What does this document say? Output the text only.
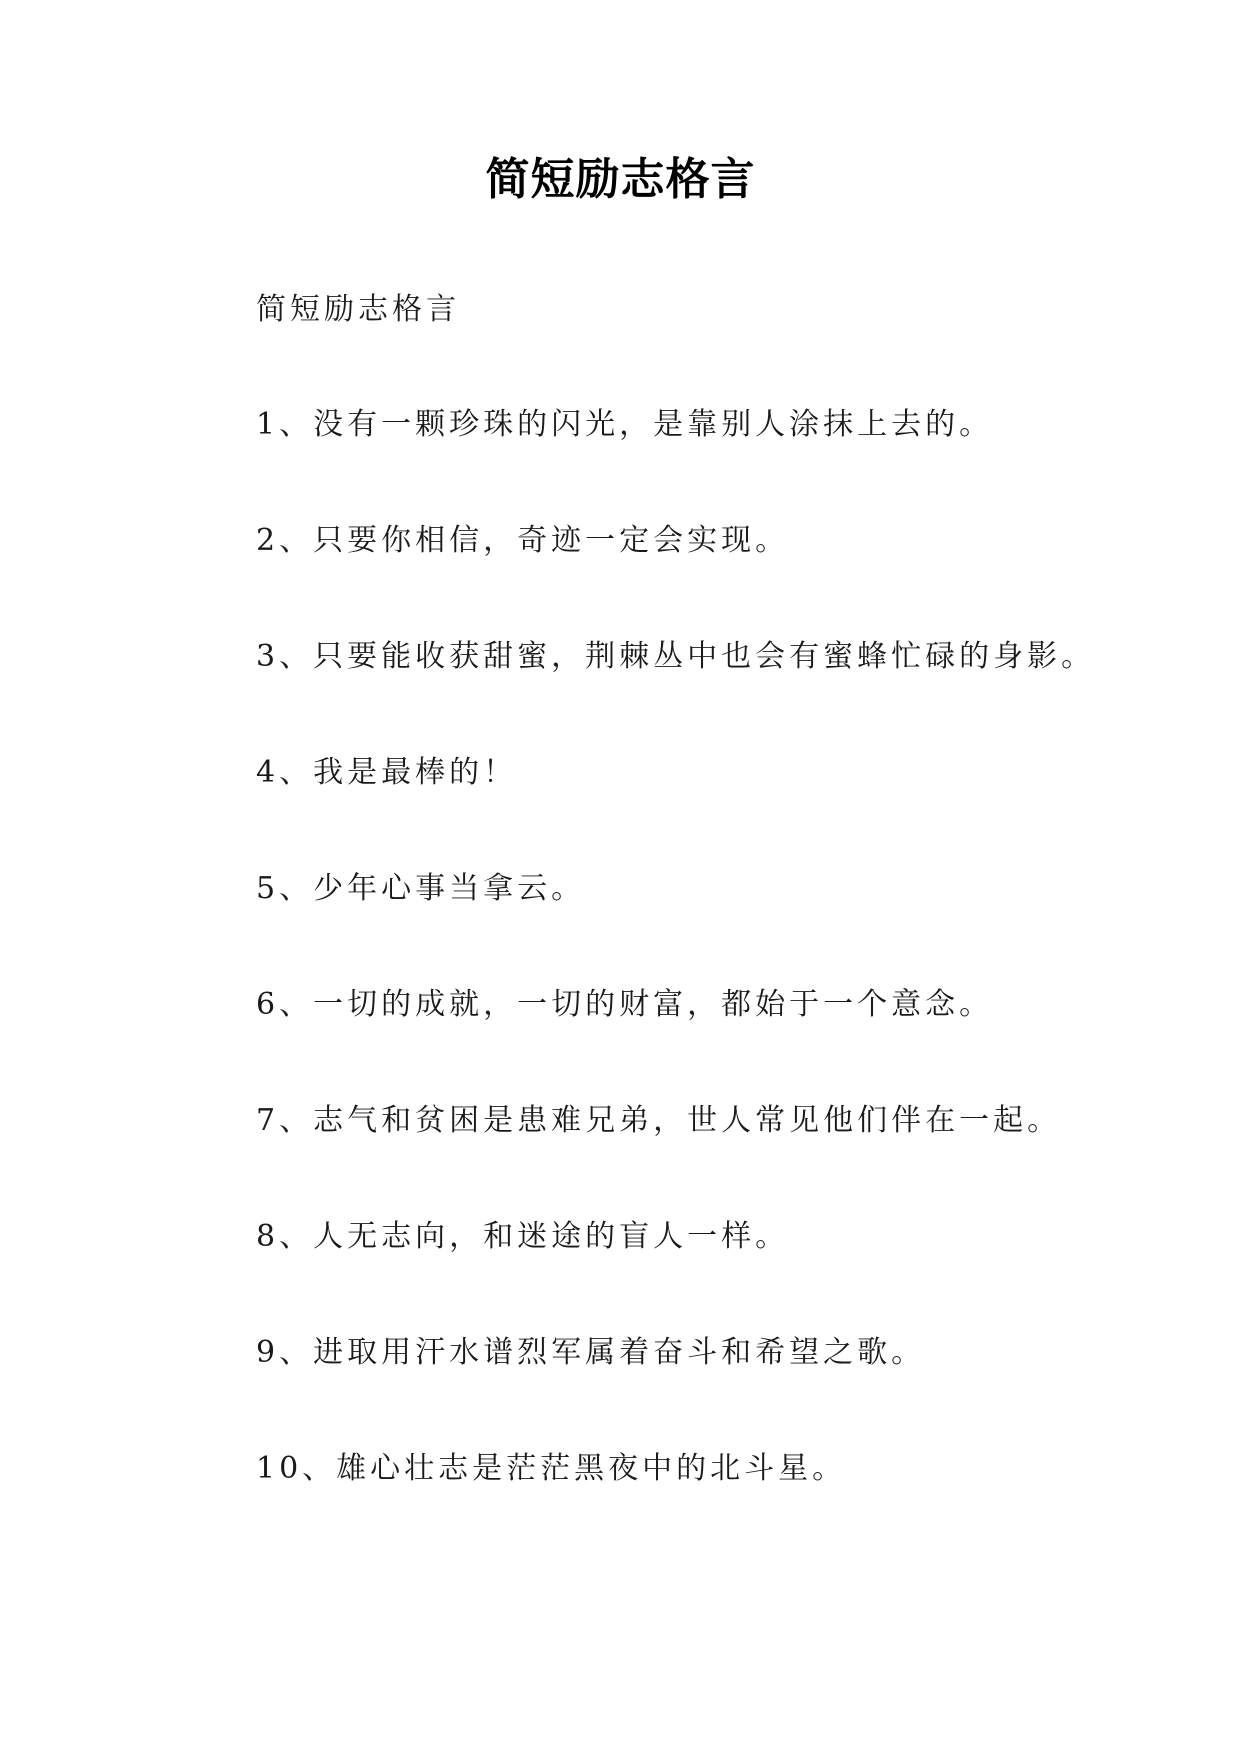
简短励志格言
简短励志格言
1、没有一颗珍珠的闪光，是靠别人涂抹上去的。
2、只要你相信，奇迹一定会实现。
3、只要能收获甜蜜，荆棘丛中也会有蜜蜂忙碌的身影。
4、我是最棒的！
5、少年心事当拿云。
6、一切的成就，一切的财富，都始于一个意念。
7、志气和贫困是患难兄弟，世人常见他们伴在一起。
8、人无志向，和迷途的盲人一样。
9、进取用汗水谱烈军属着奋斗和希望之歌。
10、雄心壮志是茫茫黑夜中的北斗星。
